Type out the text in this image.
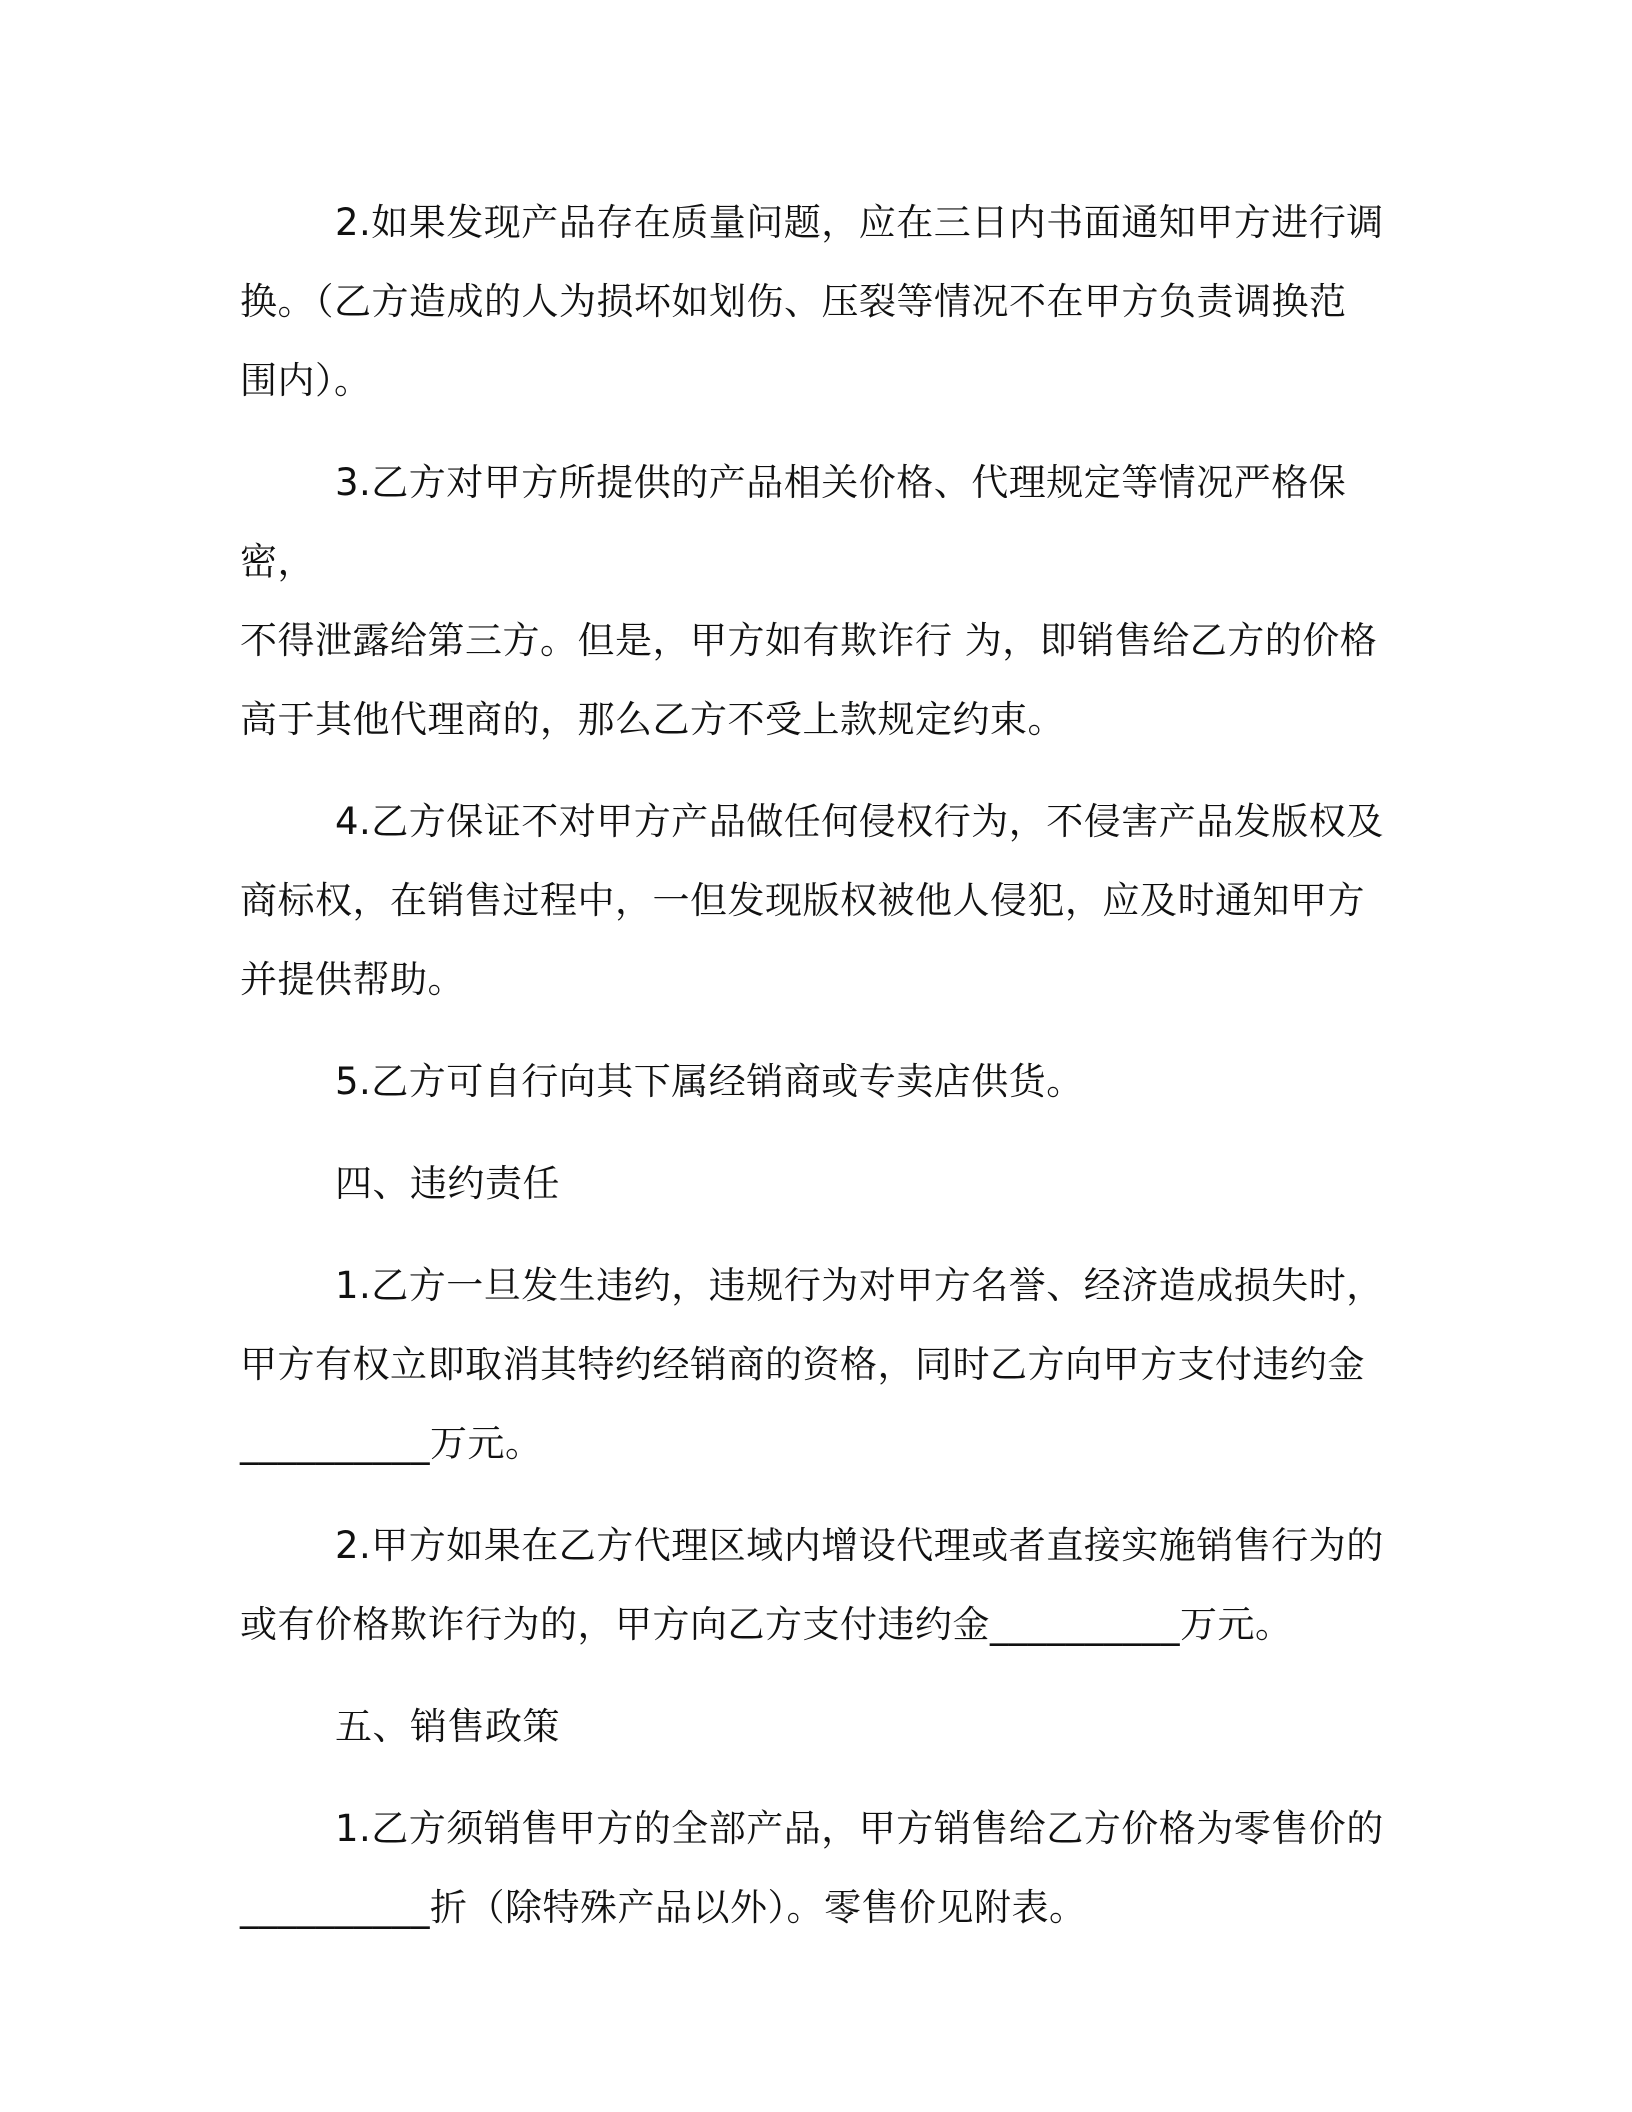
2.如果发现产品存在质量问题，应在三日内书面通知甲方进行调
换。（乙方造成的人为损坏如划伤、压裂等情况不在甲方负责调换范
围内）。

3.乙方对甲方所提供的产品相关价格、代理规定等情况严格保密，
不得泄露给第三方。但是，甲方如有欺诈行 为，即销售给乙方的价格
高于其他代理商的，那么乙方不受上款规定约束。

4.乙方保证不对甲方产品做任何侵权行为，不侵害产品发版权及
商标权，在销售过程中，一但发现版权被他人侵犯，应及时通知甲方
并提供帮助。

5.乙方可自行向其下属经销商或专卖店供货。

四、违约责任

1.乙方一旦发生违约，违规行为对甲方名誉、经济造成损失时，
甲方有权立即取消其特约经销商的资格，同时乙方向甲方支付违约金
__________万元。

2.甲方如果在乙方代理区域内增设代理或者直接实施销售行为的
或有价格欺诈行为的，甲方向乙方支付违约金__________万元。

五、销售政策

1.乙方须销售甲方的全部产品，甲方销售给乙方价格为零售价的
__________折（除特殊产品以外）。零售价见附表。
